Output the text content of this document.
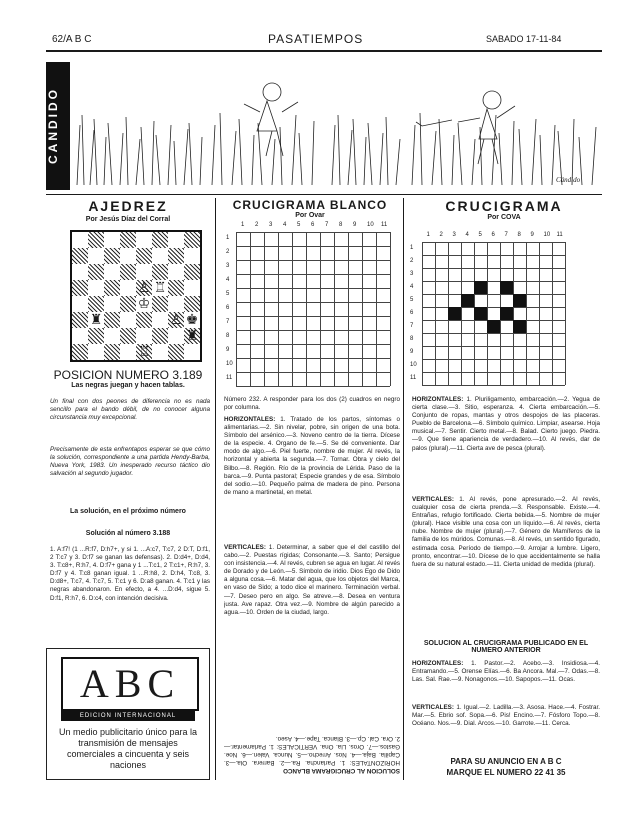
62/A B C	PASATIEMPOS	SABADO 17-11-84
CANDIDO
Cándido
AJEDREZ
Por Jesús Díaz del Corral
♙ ♖
♔
♜	♚
♙
♜
♖
POSICION NUMERO 3.189
Las negras juegan y hacen tablas.
Un final con dos peones de diferencia no es nada sencillo para el bando débil, de no conocer alguna circunstancia muy excepcional.
Precisamente de esta enfrentapos esperar se que cómo la solución, correspondiente a una partida Hendy-Barba, Nueva York, 1983. Un inesperado recurso táctico dio salvación al segundo jugador.
La solución, en el próximo número
Solución al número 3.188
1. A:f7! (1 ...R:f7, D:h7+, y si 1. ...A:c7, T:c7, 2 D:T, D:f1, 2 T:c7 y 3. D:f7 se ganan las defensas). 2. D:d4+, D:d4, 3. T:c8+, R:h7, 4. D:f7+ gana y 1 ...T:c1, 2 T:c1+, R:h7, 3. D:f7 y 4. T:c8 ganan igual. 1 ...R:h8, 2. D:h4, T:c8, 3. D:d8+, T:c7, 4. T:c7, 5. T:c1 y 6. D:a8 ganan. 4. T:c1 y las negras abandonaron. En efecto, a 4. ...D:d4, sigue 5. D:f1, R:h7, 6. D:c4, con intención decisiva.
ABC
EDICION INTERNACIONAL
Un medio publicitario único para la transmisión de mensajes comerciales a cincuenta y seis naciones
CRUCIGRAMA BLANCO
Por Ovar
1 2 3 4 5 6 7 8 9 10 11
1
2
3
4
5
6
7
8
9
10
11
Número 232. A responder para los dos (2) cuadros en negro por columna.
HORIZONTALES: 1. Tratado de los partos, síntomas o alimentarias.—2. Sin nivelar, pobre, sin origen de una bota. Símbolo del arsénico.—3. Noveno centro de la tierra. Dícese de la especie. 4. Organo de fe.—5. Se dé conveniente. Dar modo de algo.—6. Piel fuerte, nombre de mujer. Al revés, la horizontal y abierta la segunda.—7. Tornar. Obra y cielo del Bilbo.—8. Región. Río de la provincia de Lérida. Paso de la barca.—9. Punta pastoral; Especie grandes y de esa. Símbolo del sodio.—10. Pequeño palma de madera de pino. Persona de mano a martinetal, en metal.
VERTICALES: 1. Determinar, a saber que el del castillo del cabo.—2. Puestas rígidas; Consonante.—3. Santo; Persigue con insistencia.—4. Al revés, cubren se agua en lugar. Al revés de Dorado y de León.—5. Símbolo de iridio. Dios Ego de Dido a alguna cosa.—6. Matar del agua, que los objetos del Marca, en vaso de Sido; a todo dice el marinero. Terminación verbal.—7. Deseo pero en algo. Se atreve.—8. Desea en ventura justa. Ave rapaz. Otra vez.—9. Nombre de algún parecido a agua.—10. Orden de la ciudad, largo.
SOLUCION AL CRUCIGRAMA BLANCO
HORIZONTALES: 1. Parlancha. Ra.—2. Barrera. Ola.—3. Capilla. Baja.—4. Nos. Arrecho.—5. Nunca. Valen.—6. Noe. Gastos.—7. Oros. Lla. Ona. VERTICALES: 1. Parlamentar.—2. Ora. Cal. Cp.—3. Blanca. Tape.—4. Aseo.
CRUCIGRAMA
Por COVA
1 2 3 4 5 6 7 8 9 10 11
1
2
3
4
5
6
7
8
9
10
11
HORIZONTALES: 1. Pluriligamento, embarcación.—2. Yegua de cierta clase.—3. Sitio, esperanza. 4. Cierta embarcación.—5. Conjunto de ropas, mantas y otros despojos de las placeras. Pueblo de Barcelona.—6. Símbolo químico. Limpiar, asearse. Hoja musical.—7. Sentir. Cierto metal.—8. Balad. Cierto juego. Piedra.—9. Que tiene apariencia de verdadero.—10. Al revés, dar de palos (plural).—11. Cierta ave de pesca (plural).
VERTICALES: 1. Al revés, pone apresurado.—2. Al revés, cualquier cosa de cierta prenda.—3. Responsable. Existe.—4. Entrañas, refugio fortificado. Cierta bebida.—5. Nombre de mujer (plural). Hace visible una cosa con un líquido.—6. Al revés, cierta nube. Nombre de mujer (plural).—7. Género de Mamíferos de la familia de los múridos. Comunas.—8. Al revés, un sentido figurado, estimada cosa. Período de tiempo.—9. Arrojar a lumbre. Ligero, pronto, encontrar.—10. Dícese de lo que accidentalmente se halla fuera de su natural estado.—11. Cierta unidad de medida (plural).
SOLUCION AL CRUCIGRAMA PUBLICADO EN EL NUMERO ANTERIOR
HORIZONTALES: 1. Pastor.—2. Acebo.—3. Insidiosa.—4. Entramando.—5. Orense Elías.—6. Ba Ancora. Mal.—7. Odas.—8. Las. Sal. Rae.—9. Nonagonos.—10. Sapopos.—11. Ocas.
VERTICALES: 1. Igual.—2. Ladilla.—3. Asosa. Hace.—4. Fostrar. Mar.—5. Ebrio sof. Sopa.—6. Pis! Encino.—7. Fósforo Topo.—8. Océano. Nos.—9. Dial. Arcos.—10. Garrote.—11. Cerca.
PARA SU ANUNCIO EN A B C
MARQUE EL NUMERO 22 41 35
